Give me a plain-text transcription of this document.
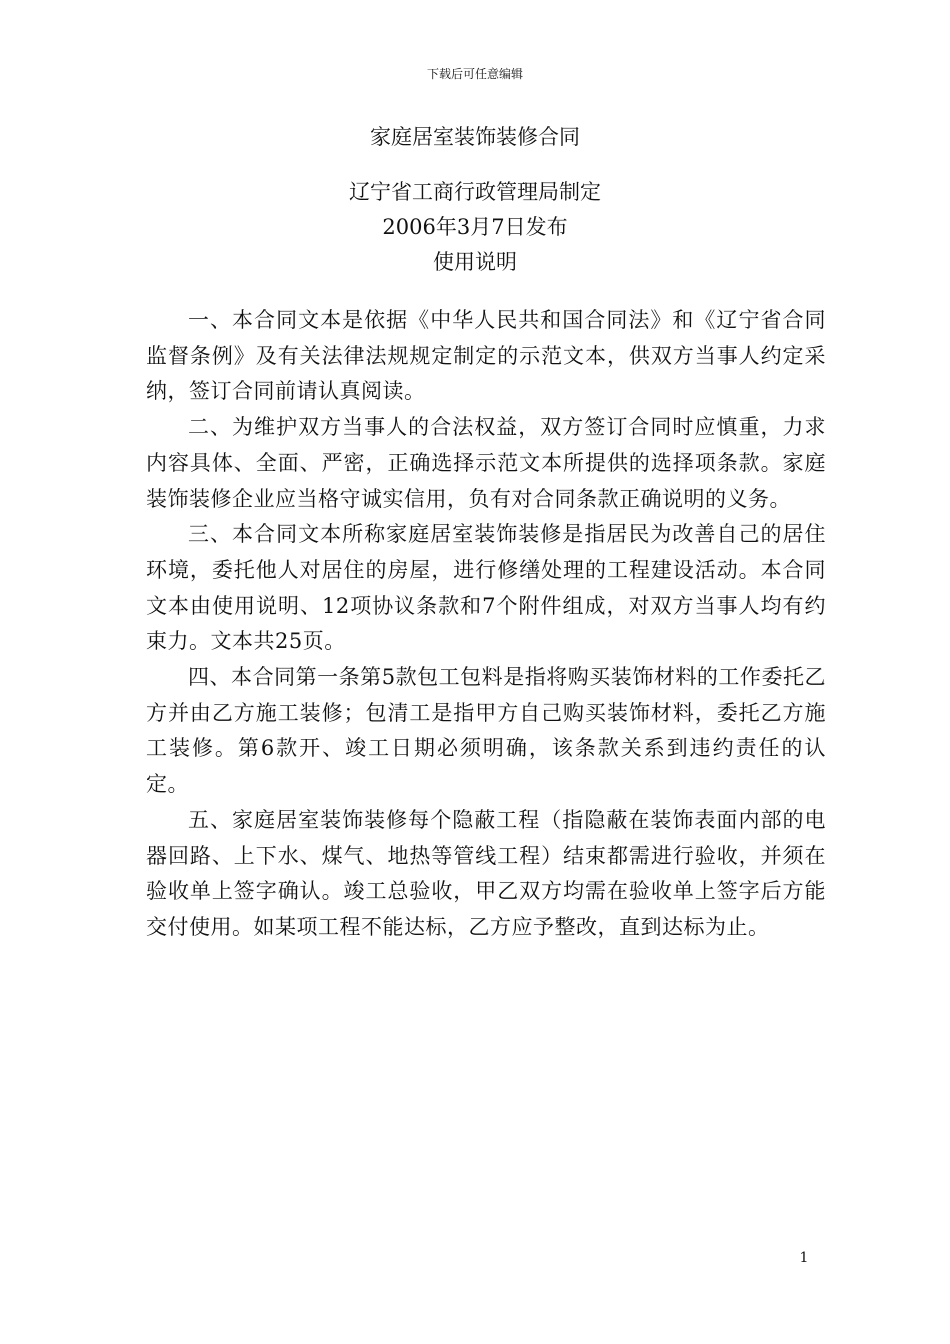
下载后可任意编辑
家庭居室装饰装修合同
辽宁省工商行政管理局制定
2006年3月7日发布
使用说明

一、本合同文本是依据《中华人民共和国合同法》和《辽宁省合同监督条例》及有关法律法规规定制定的示范文本，供双方当事人约定采纳，签订合同前请认真阅读。

二、为维护双方当事人的合法权益，双方签订合同时应慎重，力求内容具体、全面、严密，正确选择示范文本所提供的选择项条款。家庭装饰装修企业应当格守诚实信用，负有对合同条款正确说明的义务。

三、本合同文本所称家庭居室装饰装修是指居民为改善自己的居住环境，委托他人对居住的房屋，进行修缮处理的工程建设活动。本合同文本由使用说明、12项协议条款和7个附件组成，对双方当事人均有约束力。文本共25页。

四、本合同第一条第5款包工包料是指将购买装饰材料的工作委托乙方并由乙方施工装修；包清工是指甲方自己购买装饰材料，委托乙方施工装修。第6款开、竣工日期必须明确，该条款关系到违约责任的认定。

五、家庭居室装饰装修每个隐蔽工程（指隐蔽在装饰表面内部的电器回路、上下水、煤气、地热等管线工程）结束都需进行验收，并须在验收单上签字确认。竣工总验收，甲乙双方均需在验收单上签字后方能交付使用。如某项工程不能达标，乙方应予整改，直到达标为止。

1
